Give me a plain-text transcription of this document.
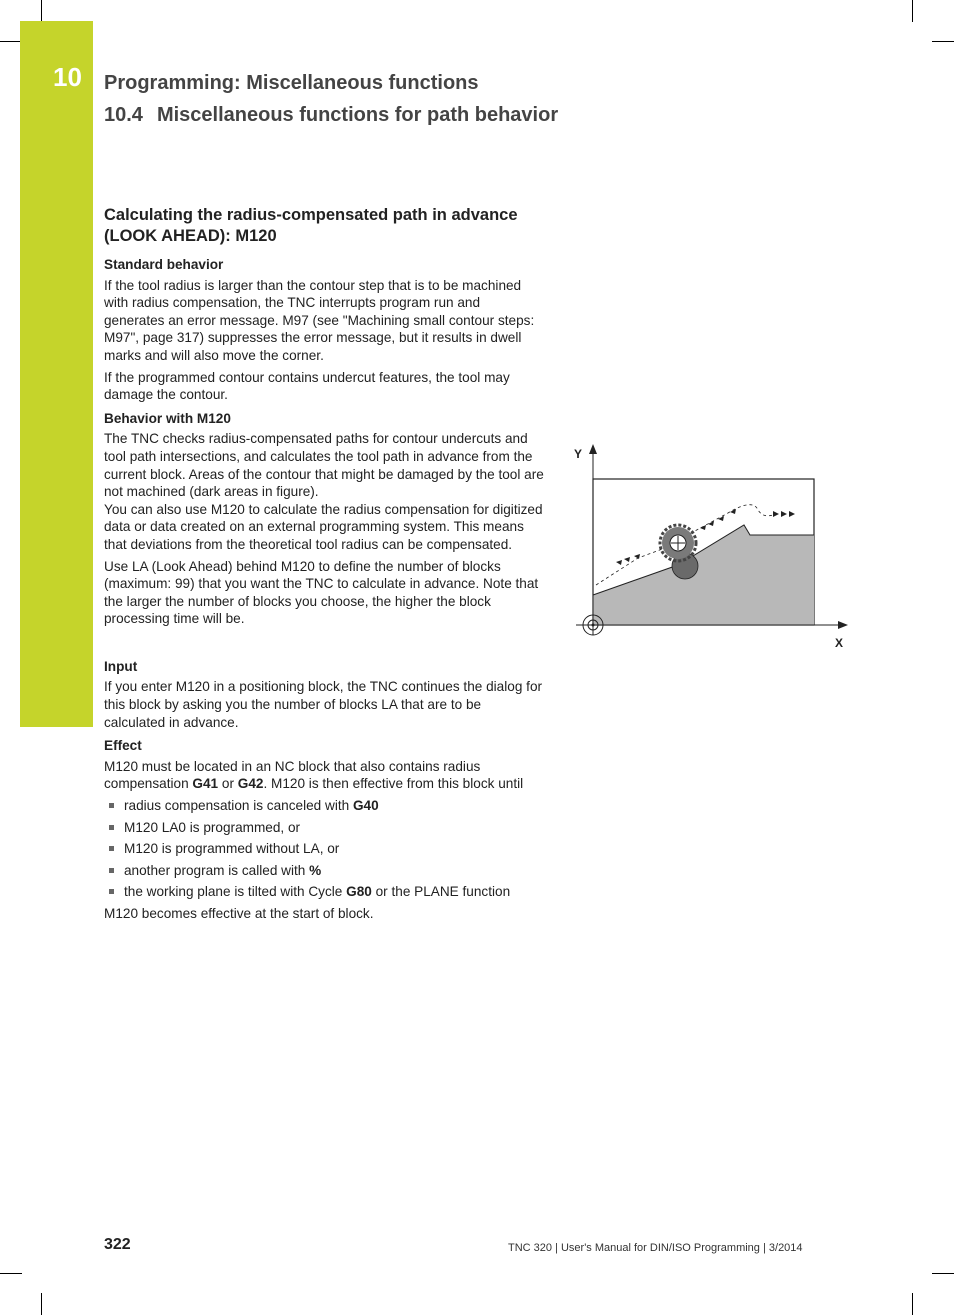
10 Programming: Miscellaneous functions
10.4 Miscellaneous functions for path behavior
Calculating the radius-compensated path in advance (LOOK AHEAD): M120
Standard behavior

If the tool radius is larger than the contour step that is to be machined with radius compensation, the TNC interrupts program run and generates an error message. M97 (see "Machining small contour steps: M97", page 317) suppresses the error message, but it results in dwell marks and will also move the corner.

If the programmed contour contains undercut features, the tool may damage the contour.

Behavior with M120

The TNC checks radius-compensated paths for contour undercuts and tool path intersections, and calculates the tool path in advance from the current block. Areas of the contour that might be damaged by the tool are not machined (dark areas in figure).
You can also use M120 to calculate the radius compensation for digitized data or data created on an external programming system. This means that deviations from the theoretical tool radius can be compensated.

Use LA (Look Ahead) behind M120 to define the number of blocks (maximum: 99) that you want the TNC to calculate in advance. Note that the larger the number of blocks you choose, the higher the block processing time will be.

Input

If you enter M120 in a positioning block, the TNC continues the dialog for this block by asking you the number of blocks LA that are to be calculated in advance.

Effect

M120 must be located in an NC block that also contains radius compensation G41 or G42. M120 is then effective from this block until

radius compensation is canceled with G40
M120 LA0 is programmed, or
M120 is programmed without LA, or
another program is called with %
the working plane is tilted with Cycle G80 or the PLANE function

M120 becomes effective at the start of block.

Y
X
322	TNC 320 | User's Manual for DIN/ISO Programming | 3/2014
